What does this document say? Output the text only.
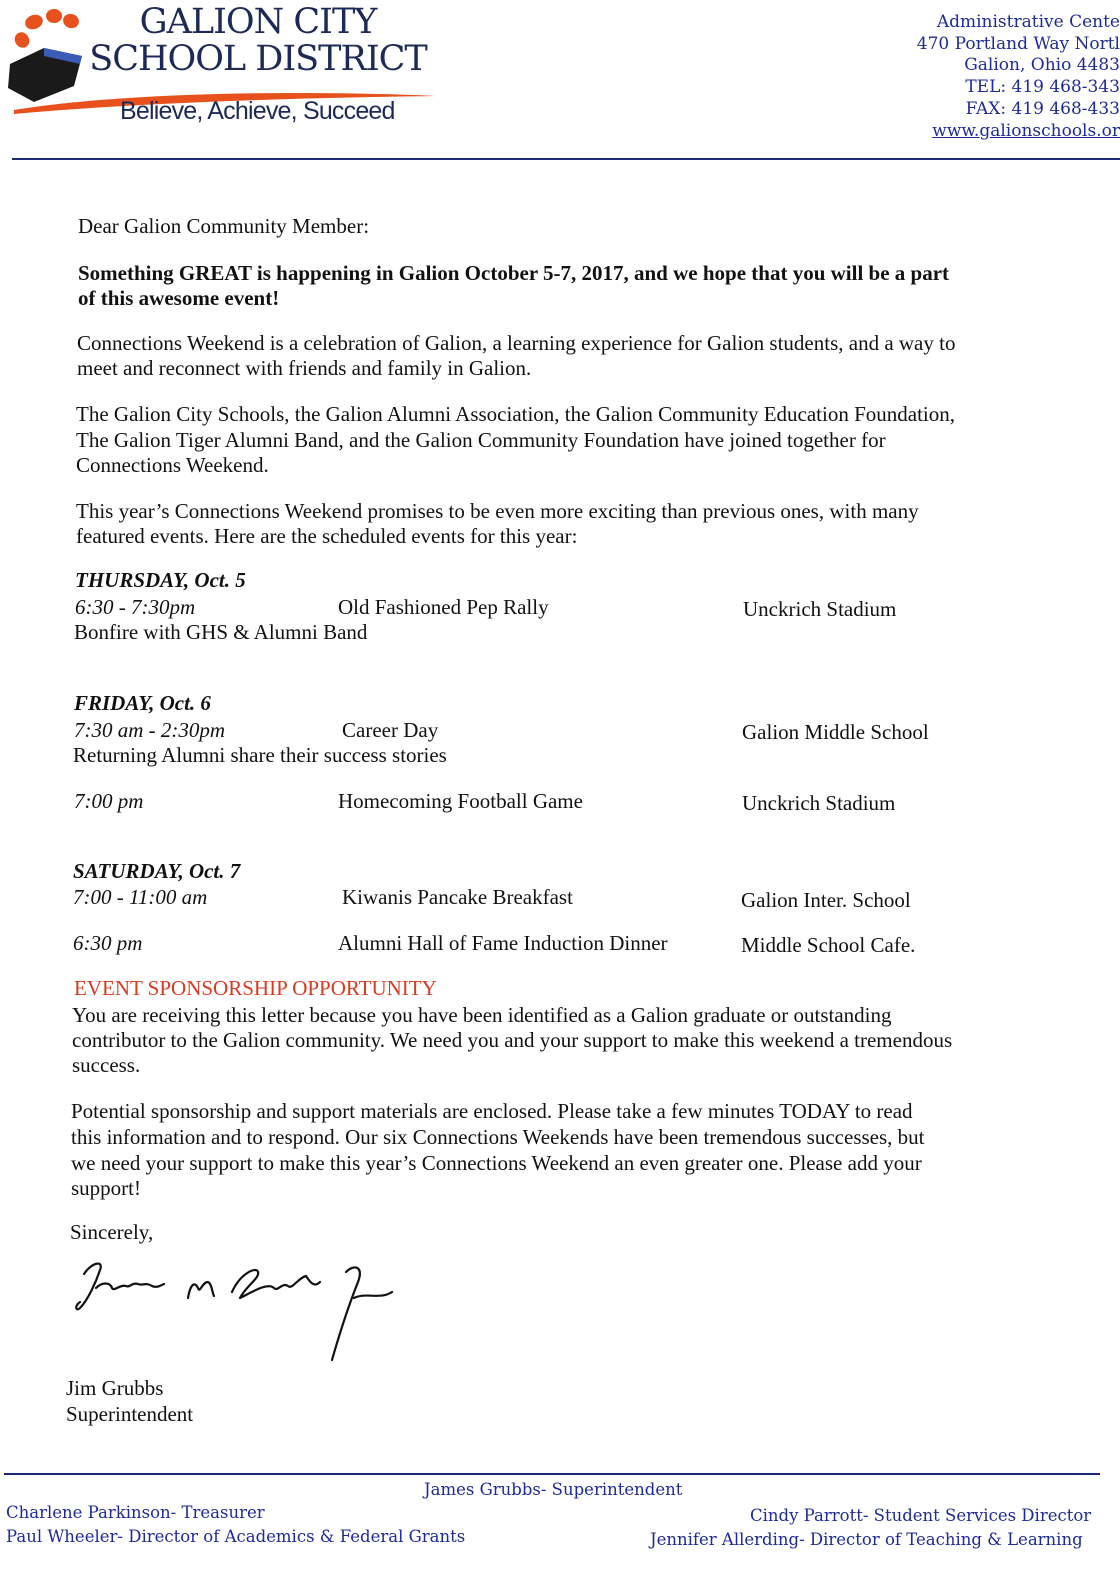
GALION CITY
SCHOOL DISTRICT
Believe, Achieve, Succeed
Administrative Cente
470 Portland Way Nortl
Galion, Ohio 4483
TEL: 419 468-343
FAX: 419 468-433
www.galionschools.or
Dear Galion Community Member:
Something GREAT is happening in Galion October 5-7, 2017, and we hope that you will be a part
of this awesome event!
Connections Weekend is a celebration of Galion, a learning experience for Galion students, and a way to
meet and reconnect with friends and family in Galion.
The Galion City Schools, the Galion Alumni Association, the Galion Community Education Foundation,
The Galion Tiger Alumni Band, and the Galion Community Foundation have joined together for
Connections Weekend.
This year’s Connections Weekend promises to be even more exciting than previous ones, with many
featured events. Here are the scheduled events for this year:
THURSDAY, Oct. 5
6:30 - 7:30pm	Old Fashioned Pep Rally	Unckrich Stadium
Bonfire with GHS & Alumni Band
FRIDAY, Oct. 6
7:30 am - 2:30pm	Career Day	Galion Middle School
Returning Alumni share their success stories
7:00 pm	Homecoming Football Game	Unckrich Stadium
SATURDAY, Oct. 7
7:00 - 11:00 am	Kiwanis Pancake Breakfast	Galion Inter. School
6:30 pm	Alumni Hall of Fame Induction Dinner	Middle School Cafe.
EVENT SPONSORSHIP OPPORTUNITY
You are receiving this letter because you have been identified as a Galion graduate or outstanding
contributor to the Galion community. We need you and your support to make this weekend a tremendous
success.
Potential sponsorship and support materials are enclosed. Please take a few minutes TODAY to read
this information and to respond. Our six Connections Weekends have been tremendous successes, but
we need your support to make this year’s Connections Weekend an even greater one. Please add your
support!
Sincerely,
Jim Grubbs
Superintendent
James Grubbs- Superintendent
Charlene Parkinson- Treasurer
Paul Wheeler- Director of Academics & Federal Grants
Cindy Parrott- Student Services Director
Jennifer Allerding- Director of Teaching & Learning
